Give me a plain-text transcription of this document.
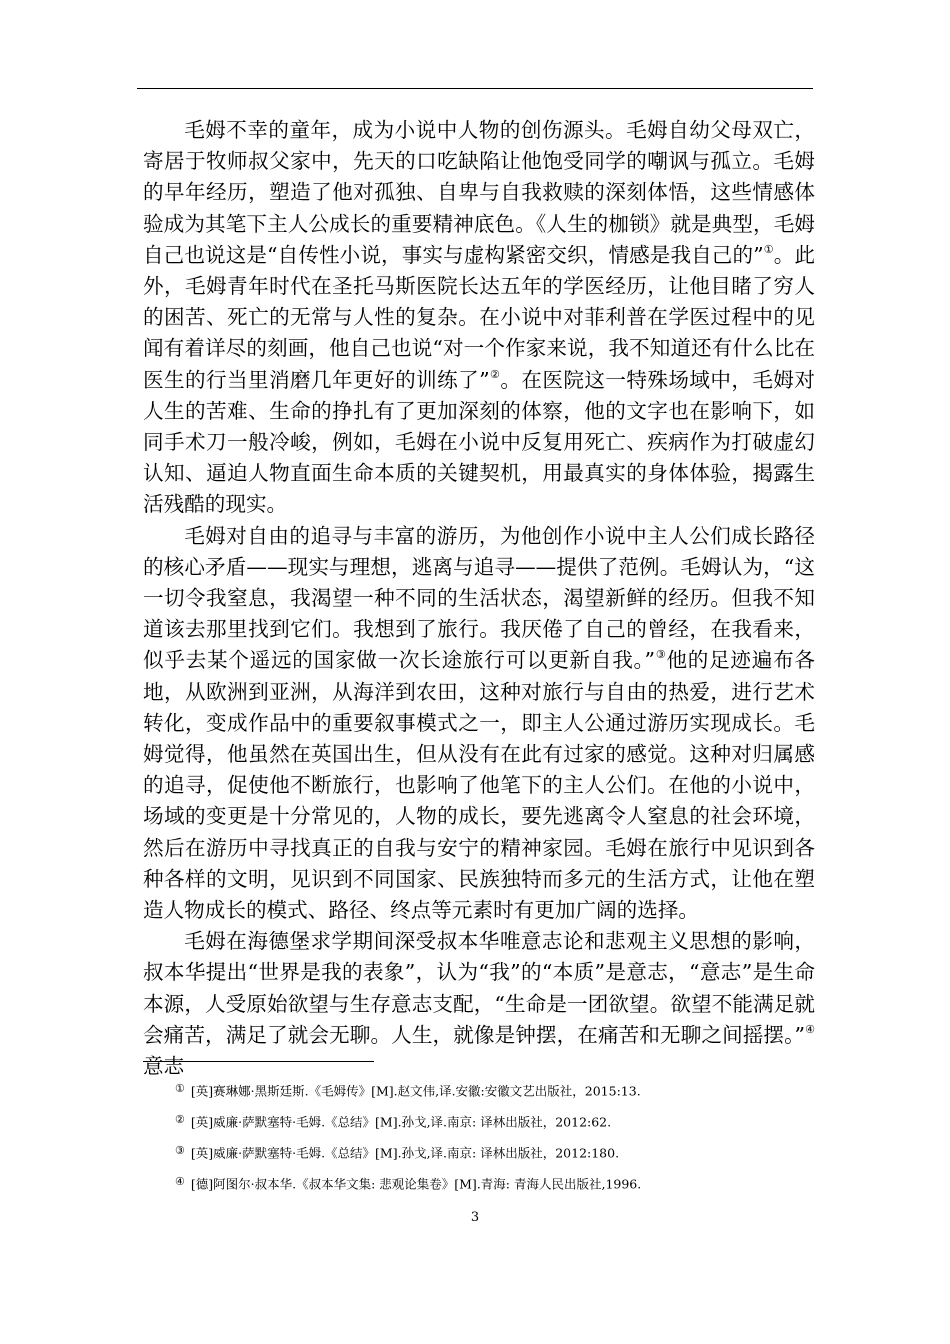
毛姆不幸的童年，成为小说中人物的创伤源头。毛姆自幼父母双亡，寄居于牧师叔父家中，先天的口吃缺陷让他饱受同学的嘲讽与孤立。毛姆的早年经历，塑造了他对孤独、自卑与自我救赎的深刻体悟，这些情感体验成为其笔下主人公成长的重要精神底色。《人生的枷锁》就是典型，毛姆自己也说这是“自传性小说，事实与虚构紧密交织，情感是我自己的”①。此外，毛姆青年时代在圣托马斯医院长达五年的学医经历，让他目睹了穷人的困苦、死亡的无常与人性的复杂。在小说中对菲利普在学医过程中的见闻有着详尽的刻画，他自己也说“对一个作家来说，我不知道还有什么比在医生的行当里消磨几年更好的训练了”②。在医院这一特殊场域中，毛姆对人生的苦难、生命的挣扎有了更加深刻的体察，他的文字也在影响下，如同手术刀一般冷峻，例如，毛姆在小说中反复用死亡、疾病作为打破虚幻认知、逼迫人物直面生命本质的关键契机，用最真实的身体体验，揭露生活残酷的现实。

毛姆对自由的追寻与丰富的游历，为他创作小说中主人公们成长路径的核心矛盾——现实与理想，逃离与追寻——提供了范例。毛姆认为，“这一切令我窒息，我渴望一种不同的生活状态，渴望新鲜的经历。但我不知道该去那里找到它们。我想到了旅行。我厌倦了自己的曾经，在我看来，似乎去某个遥远的国家做一次长途旅行可以更新自我。”③他的足迹遍布各地，从欧洲到亚洲，从海洋到农田，这种对旅行与自由的热爱，进行艺术转化，变成作品中的重要叙事模式之一，即主人公通过游历实现成长。毛姆觉得，他虽然在英国出生，但从没有在此有过家的感觉。这种对归属感的追寻，促使他不断旅行，也影响了他笔下的主人公们。在他的小说中，场域的变更是十分常见的，人物的成长，要先逃离令人窒息的社会环境，然后在游历中寻找真正的自我与安宁的精神家园。毛姆在旅行中见识到各种各样的文明，见识到不同国家、民族独特而多元的生活方式，让他在塑造人物成长的模式、路径、终点等元素时有更加广阔的选择。

毛姆在海德堡求学期间深受叔本华唯意志论和悲观主义思想的影响，叔本华提出“世界是我的表象”，认为“我”的“本质”是意志，“意志”是生命本源，人受原始欲望与生存意志支配，“生命是一团欲望。欲望不能满足就会痛苦，满足了就会无聊。人生，就像是钟摆，在痛苦和无聊之间摇摆。”④意志

① [英]赛琳娜·黑斯廷斯.《毛姆传》[M].赵文伟,译.安徽:安徽文艺出版社，2015:13.

② [英]威廉·萨默塞特·毛姆.《总结》[M].孙戈,译.南京: 译林出版社，2012:62.

③ [英]威廉·萨默塞特·毛姆.《总结》[M].孙戈,译.南京: 译林出版社，2012:180.

④ [德]阿图尔·叔本华.《叔本华文集: 悲观论集卷》[M].青海: 青海人民出版社,1996.

3
